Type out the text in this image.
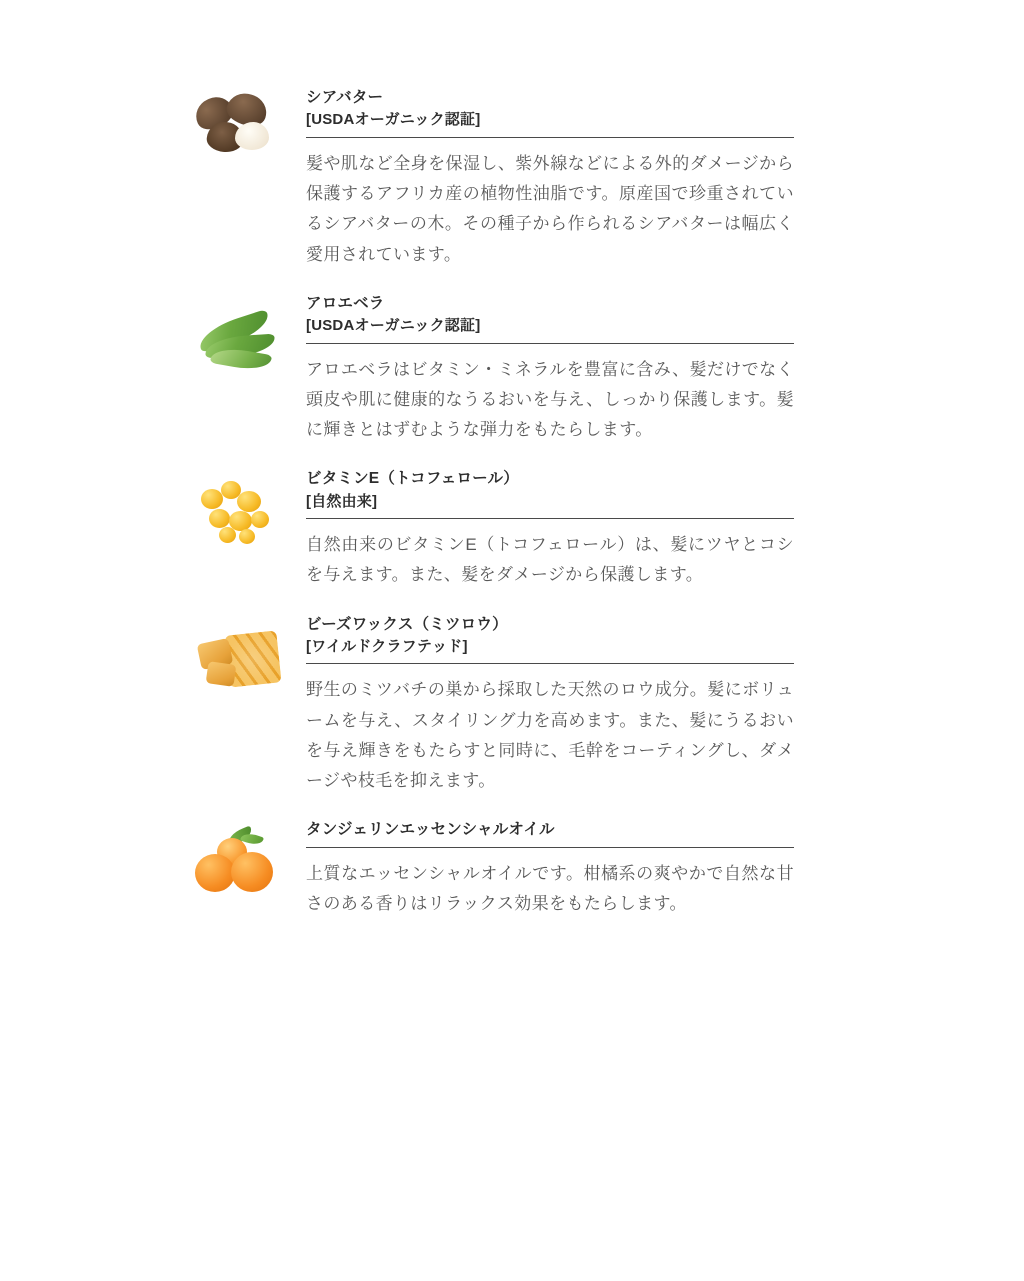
シアバター
[USDAオーガニック認証]
髪や肌など全身を保湿し、紫外線などによる外的ダメージから保護するアフリカ産の植物性油脂です。原産国で珍重されているシアバターの木。その種子から作られるシアバターは幅広く愛用されています。
アロエベラ
[USDAオーガニック認証]
アロエベラはビタミン・ミネラルを豊富に含み、髪だけでなく頭皮や肌に健康的なうるおいを与え、しっかり保護します。髪に輝きとはずむような弾力をもたらします。
ビタミンE（トコフェロール）
[自然由来]
自然由来のビタミンE（トコフェロール）は、髪にツヤとコシを与えます。また、髪をダメージから保護します。
ビーズワックス（ミツロウ）
[ワイルドクラフテッド]
野生のミツバチの巣から採取した天然のロウ成分。髪にボリュームを与え、スタイリング力を高めます。また、髪にうるおいを与え輝きをもたらすと同時に、毛幹をコーティングし、ダメージや枝毛を抑えます。
タンジェリンエッセンシャルオイル
上質なエッセンシャルオイルです。柑橘系の爽やかで自然な甘さのある香りはリラックス効果をもたらします。
